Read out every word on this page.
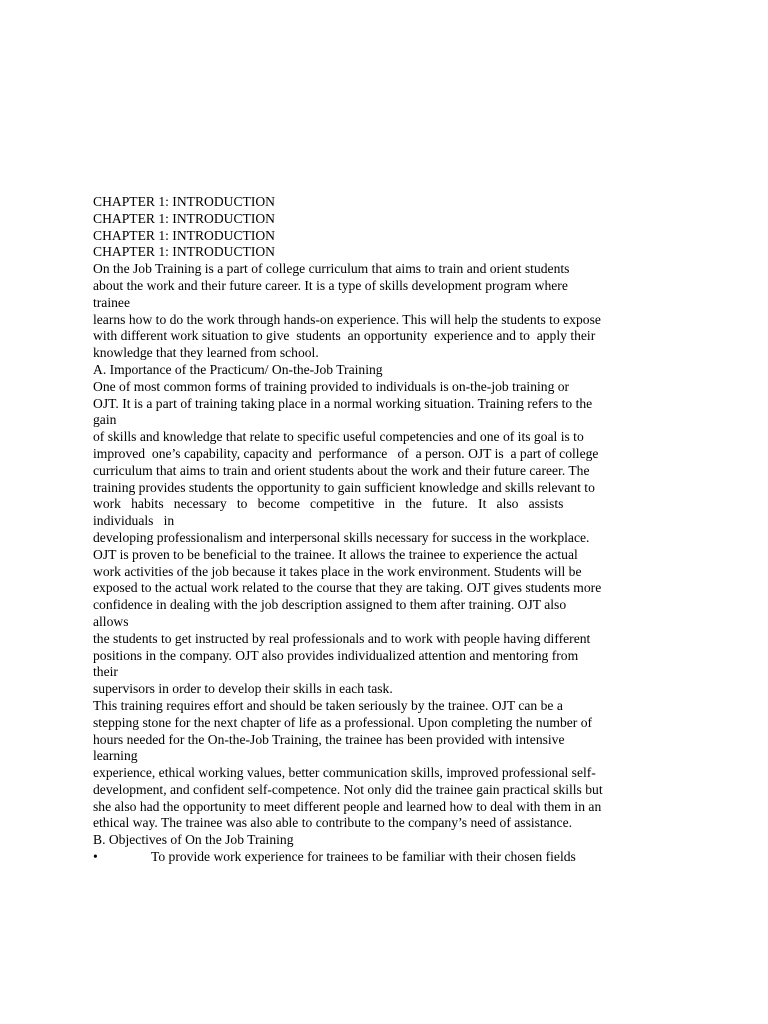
CHAPTER 1: INTRODUCTION
CHAPTER 1: INTRODUCTION
CHAPTER 1: INTRODUCTION
CHAPTER 1: INTRODUCTION
On the Job Training is a part of college curriculum that aims to train and orient students
about the work and their future career. It is a type of skills development program where
trainee
learns how to do the work through hands-on experience. This will help the students to expose
with different work situation to give  students  an opportunity  experience and to  apply their
knowledge that they learned from school.
A. Importance of the Practicum/ On-the-Job Training
One of most common forms of training provided to individuals is on-the-job training or
OJT. It is a part of training taking place in a normal working situation. Training refers to the
gain
of skills and knowledge that relate to specific useful competencies and one of its goal is to
improved  one’s capability, capacity and  performance   of  a person. OJT is  a part of college
curriculum that aims to train and orient students about the work and their future career. The
training provides students the opportunity to gain sufficient knowledge and skills relevant to
work   habits   necessary   to   become   competitive   in   the   future.   It   also   assists
individuals   in
developing professionalism and interpersonal skills necessary for success in the workplace.
OJT is proven to be beneficial to the trainee. It allows the trainee to experience the actual
work activities of the job because it takes place in the work environment. Students will be
exposed to the actual work related to the course that they are taking. OJT gives students more
confidence in dealing with the job description assigned to them after training. OJT also
allows
the students to get instructed by real professionals and to work with people having different
positions in the company. OJT also provides individualized attention and mentoring from
their
supervisors in order to develop their skills in each task.
This training requires effort and should be taken seriously by the trainee. OJT can be a
stepping stone for the next chapter of life as a professional. Upon completing the number of
hours needed for the On-the-Job Training, the trainee has been provided with intensive
learning
experience, ethical working values, better communication skills, improved professional self-
development, and confident self-competence. Not only did the trainee gain practical skills but
she also had the opportunity to meet different people and learned how to deal with them in an
ethical way. The trainee was also able to contribute to the company’s need of assistance.
B. Objectives of On the Job Training
•	To provide work experience for trainees to be familiar with their chosen fields
